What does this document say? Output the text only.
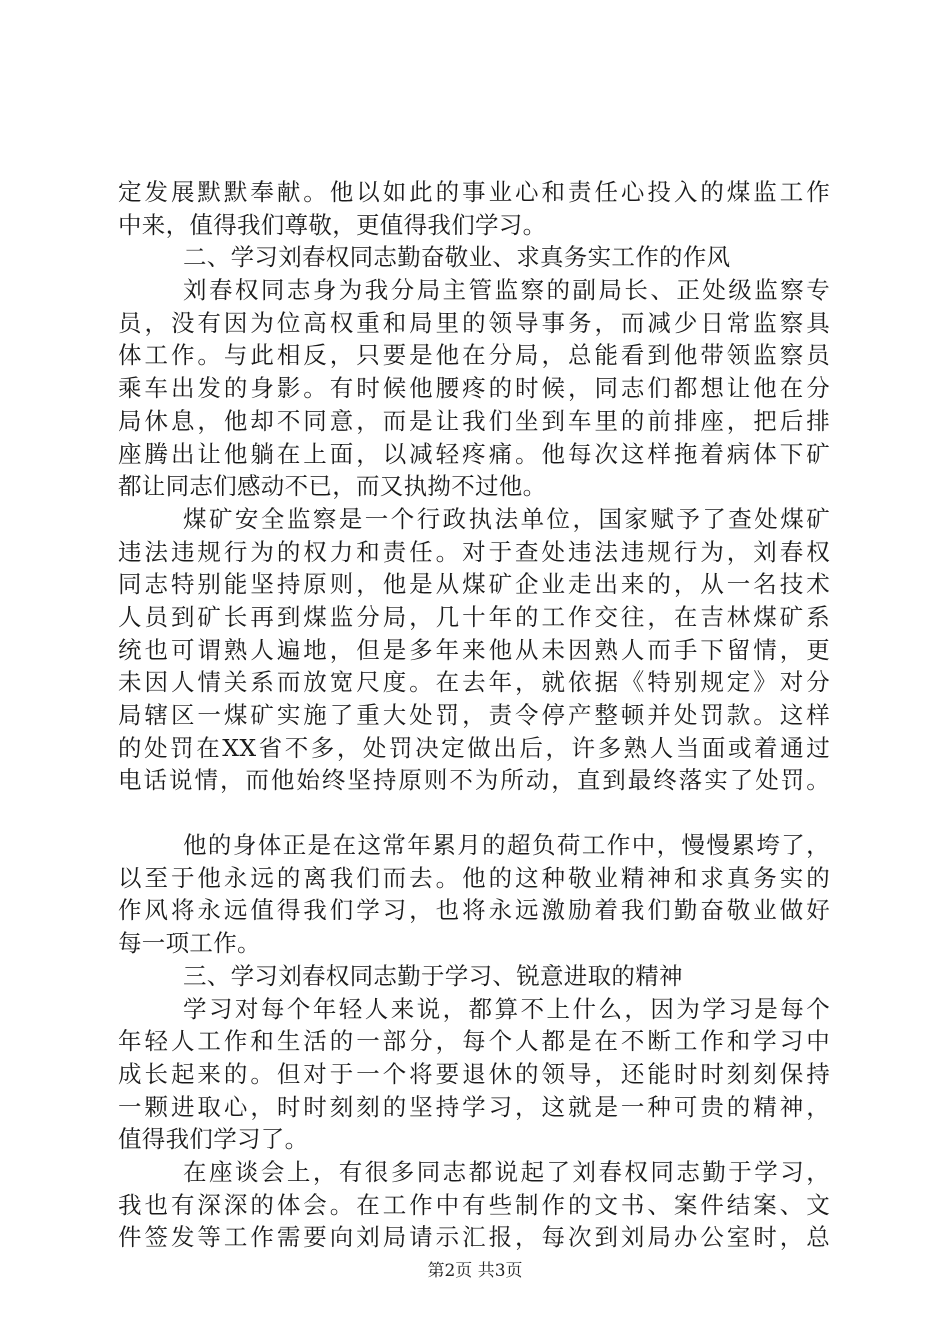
定发展默默奉献。他以如此的事业心和责任心投入的煤监工作
中来，值得我们尊敬，更值得我们学习。
二、学习刘春权同志勤奋敬业、求真务实工作的作风
刘春权同志身为我分局主管监察的副局长、正处级监察专
员，没有因为位高权重和局里的领导事务，而减少日常监察具
体工作。与此相反，只要是他在分局，总能看到他带领监察员
乘车出发的身影。有时候他腰疼的时候，同志们都想让他在分
局休息，他却不同意，而是让我们坐到车里的前排座，把后排
座腾出让他躺在上面，以减轻疼痛。他每次这样拖着病体下矿
都让同志们感动不已，而又执拗不过他。
煤矿安全监察是一个行政执法单位，国家赋予了查处煤矿
违法违规行为的权力和责任。对于查处违法违规行为，刘春权
同志特别能坚持原则，他是从煤矿企业走出来的，从一名技术
人员到矿长再到煤监分局，几十年的工作交往，在吉林煤矿系
统也可谓熟人遍地，但是多年来他从未因熟人而手下留情，更
未因人情关系而放宽尺度。在去年，就依据《特别规定》对分
局辖区一煤矿实施了重大处罚，责令停产整顿并处罚款。这样
的处罚在XX省不多，处罚决定做出后，许多熟人当面或着通过
电话说情，而他始终坚持原则不为所动，直到最终落实了处罚。
他的身体正是在这常年累月的超负荷工作中，慢慢累垮了，
以至于他永远的离我们而去。他的这种敬业精神和求真务实的
作风将永远值得我们学习，也将永远激励着我们勤奋敬业做好
每一项工作。
三、学习刘春权同志勤于学习、锐意进取的精神
学习对每个年轻人来说，都算不上什么，因为学习是每个
年轻人工作和生活的一部分，每个人都是在不断工作和学习中
成长起来的。但对于一个将要退休的领导，还能时时刻刻保持
一颗进取心，时时刻刻的坚持学习，这就是一种可贵的精神，
值得我们学习了。
在座谈会上，有很多同志都说起了刘春权同志勤于学习，
我也有深深的体会。在工作中有些制作的文书、案件结案、文
件签发等工作需要向刘局请示汇报，每次到刘局办公室时，总
第2页 共3页
